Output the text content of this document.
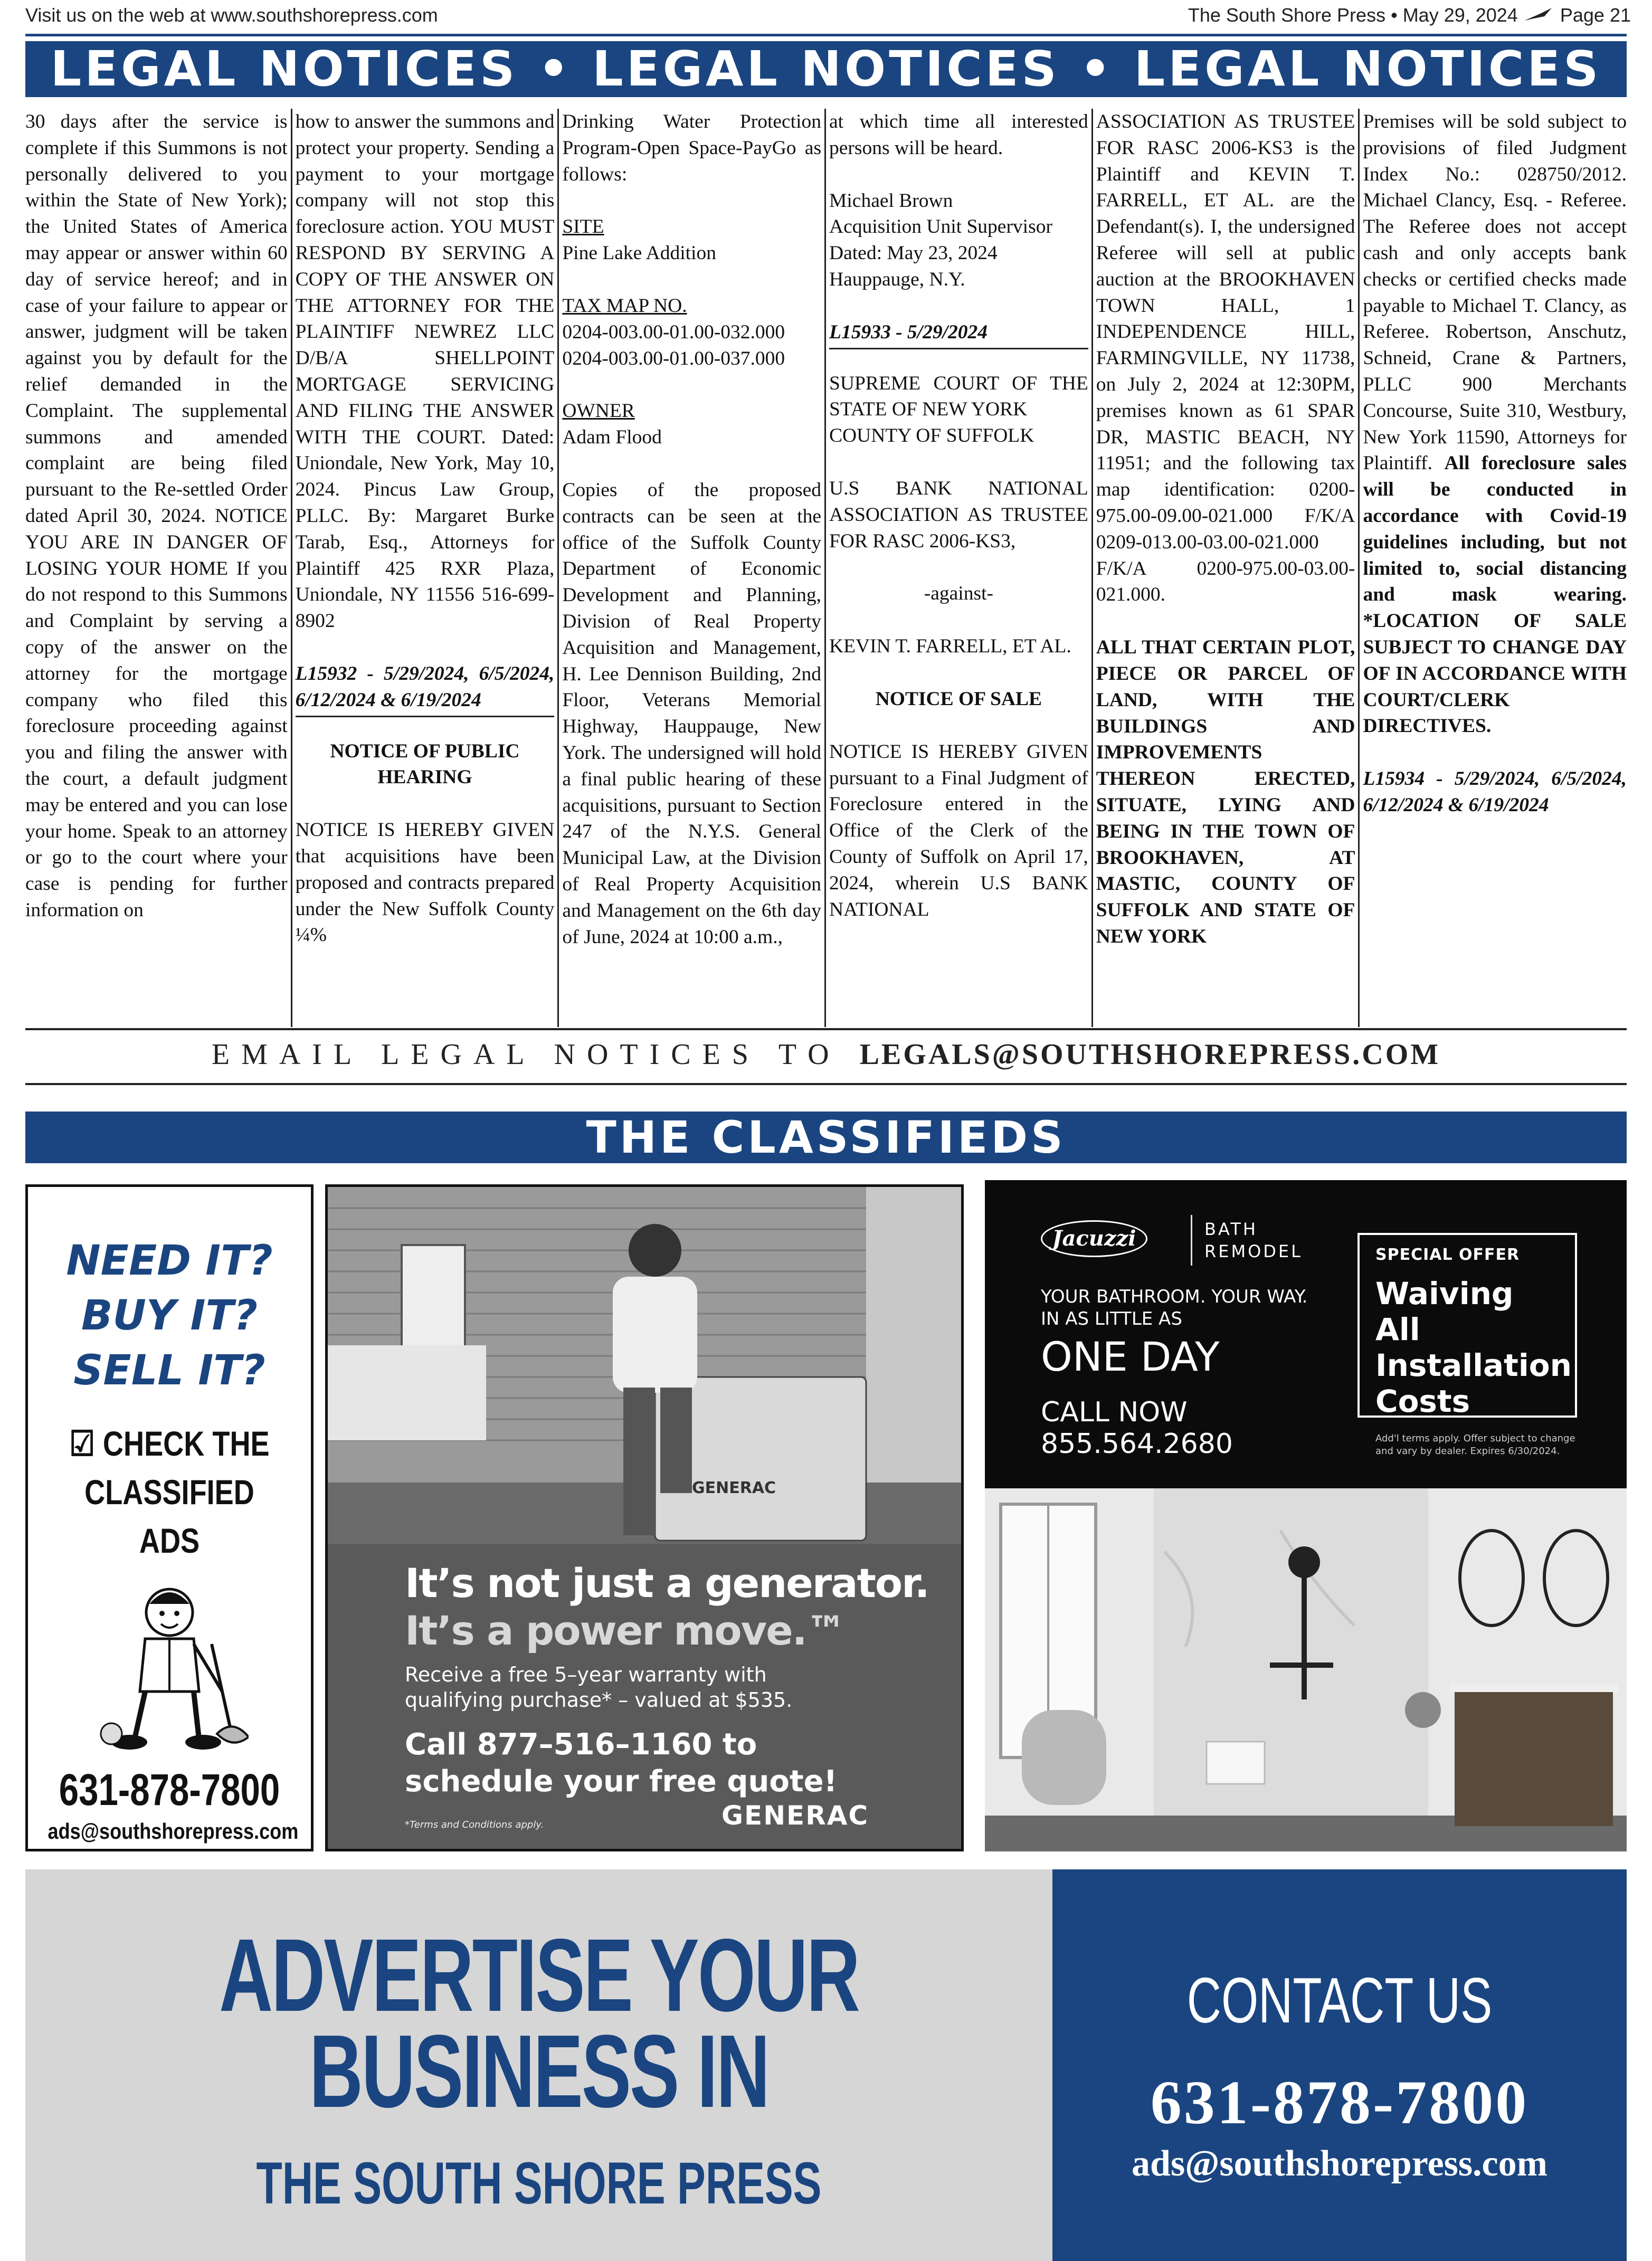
Visit us on the web at www.southshorepress.com	The South Shore Press • May 29, 2024 Page 21
LEGAL NOTICES • LEGAL NOTICES • LEGAL NOTICES

30 days after the service is complete if this Summons is not personally delivered to you within the State of New York); the United States of America may appear or answer within 60 day of service hereof; and in case of your failure to appear or answer, judgment will be taken against you by default for the relief demanded in the Complaint. The supplemental summons and amended complaint are being filed pursuant to the Re-settled Order dated April 30, 2024. NOTICE YOU ARE IN DANGER OF LOSING YOUR HOME If you do not respond to this Summons and Complaint by serving a copy of the answer on the attorney for the mortgage company who filed this foreclosure proceeding against you and filing the answer with the court, a default judgment may be entered and you can lose your home. Speak to an attorney or go to the court where your case is pending for further information on

how to answer the summons and protect your property. Sending a payment to your mortgage company will not stop this foreclosure action. YOU MUST RESPOND BY SERVING A COPY OF THE ANSWER ON THE ATTORNEY FOR THE PLAINTIFF NEWREZ LLC D/B/A SHELLPOINT MORTGAGE SERVICING AND FILING THE ANSWER WITH THE COURT. Dated: Uniondale, New York, May 10, 2024. Pincus Law Group, PLLC. By: Margaret Burke Tarab, Esq., Attorneys for Plaintiff 425 RXR Plaza, Uniondale, NY 11556 516-699-8902

L15932 - 5/29/2024, 6/5/2024, 6/12/2024 & 6/19/2024

NOTICE OF PUBLIC HEARING

NOTICE IS HEREBY GIVEN that acquisitions have been proposed and contracts prepared under the New Suffolk County ¼%

Drinking Water Protection Program-Open Space-PayGo as follows:

SITE

Pine Lake Addition

TAX MAP NO.

0204-003.00-01.00-032.000

0204-003.00-01.00-037.000

OWNER

Adam Flood

Copies of the proposed contracts can be seen at the office of the Suffolk County Department of Economic Development and Planning, Division of Real Property Acquisition and Management, H. Lee Dennison Building, 2nd Floor, Veterans Memorial Highway, Hauppauge, New York. The undersigned will hold a final public hearing of these acquisitions, pursuant to Section 247 of the N.Y.S. General Municipal Law, at the Division of Real Property Acquisition and Management on the 6th day of June, 2024 at 10:00 a.m.,

at which time all interested persons will be heard.

Michael Brown

Acquisition Unit Supervisor

Dated: May 23, 2024

Hauppauge, N.Y.

L15933 - 5/29/2024

SUPREME COURT OF THE STATE OF NEW YORK

COUNTY OF SUFFOLK

U.S BANK NATIONAL ASSOCIATION AS TRUSTEE FOR RASC 2006-KS3,

-against-

KEVIN T. FARRELL, ET AL.

NOTICE OF SALE

NOTICE IS HEREBY GIVEN pursuant to a Final Judgment of Foreclosure entered in the Office of the Clerk of the County of Suffolk on April 17, 2024, wherein U.S BANK NATIONAL

ASSOCIATION AS TRUSTEE FOR RASC 2006-KS3 is the Plaintiff and KEVIN T. FARRELL, ET AL. are the Defendant(s). I, the undersigned Referee will sell at public auction at the BROOKHAVEN TOWN HALL, 1 INDEPENDENCE HILL, FARMINGVILLE, NY 11738, on July 2, 2024 at 12:30PM, premises known as 61 SPAR DR, MASTIC BEACH, NY 11951; and the following tax map identification: 0200-975.00-09.00-021.000 F/K/A 0209-013.00-03.00-021.000 F/K/A 0200-975.00-03.00-021.000.

ALL THAT CERTAIN PLOT, PIECE OR PARCEL OF LAND, WITH THE BUILDINGS AND IMPROVEMENTS THEREON ERECTED, SITUATE, LYING AND BEING IN THE TOWN OF BROOKHAVEN, AT MASTIC, COUNTY OF SUFFOLK AND STATE OF NEW YORK

Premises will be sold subject to provisions of filed Judgment Index No.: 028750/2012. Michael Clancy, Esq. - Referee. The Referee does not accept cash and only accepts bank checks or certified checks made payable to Michael T. Clancy, as Referee. Robertson, Anschutz, Schneid, Crane & Partners, PLLC 900 Merchants Concourse, Suite 310, Westbury, New York 11590, Attorneys for Plaintiff. All foreclosure sales will be conducted in accordance with Covid-19 guidelines including, but not limited to, social distancing and mask wearing. *LOCATION OF SALE SUBJECT TO CHANGE DAY OF IN ACCORDANCE WITH COURT/CLERK DIRECTIVES.

L15934 - 5/29/2024, 6/5/2024, 6/12/2024 & 6/19/2024

EMAIL LEGAL NOTICES TO LEGALS@SOUTHSHOREPRESS.COM
THE CLASSIFIEDS
NEED IT?
BUY IT?
SELL IT?
☑ CHECK THE
CLASSIFIED ADS
631-878-7800
ads@southshorepress.com
GENERAC
It’s not just a generator.
It’s a power move.™
Receive a free 5–year warranty with qualifying purchase* – valued at $535.
Call 877–516–1160 to schedule your free quote!
*Terms and Conditions apply.	GENERAC
Jacuzzi	BATH
REMODEL
YOUR BATHROOM. YOUR WAY.
IN AS LITTLE AS
ONE DAY
CALL NOW
855.564.2680
SPECIAL OFFER
Waiving All Installation Costs
Add'l terms apply. Offer subject to change and vary by dealer. Expires 6/30/2024.
ADVERTISE YOUR
BUSINESS IN
THE SOUTH SHORE PRESS
CONTACT US
631-878-7800
ads@southshorepress.com
